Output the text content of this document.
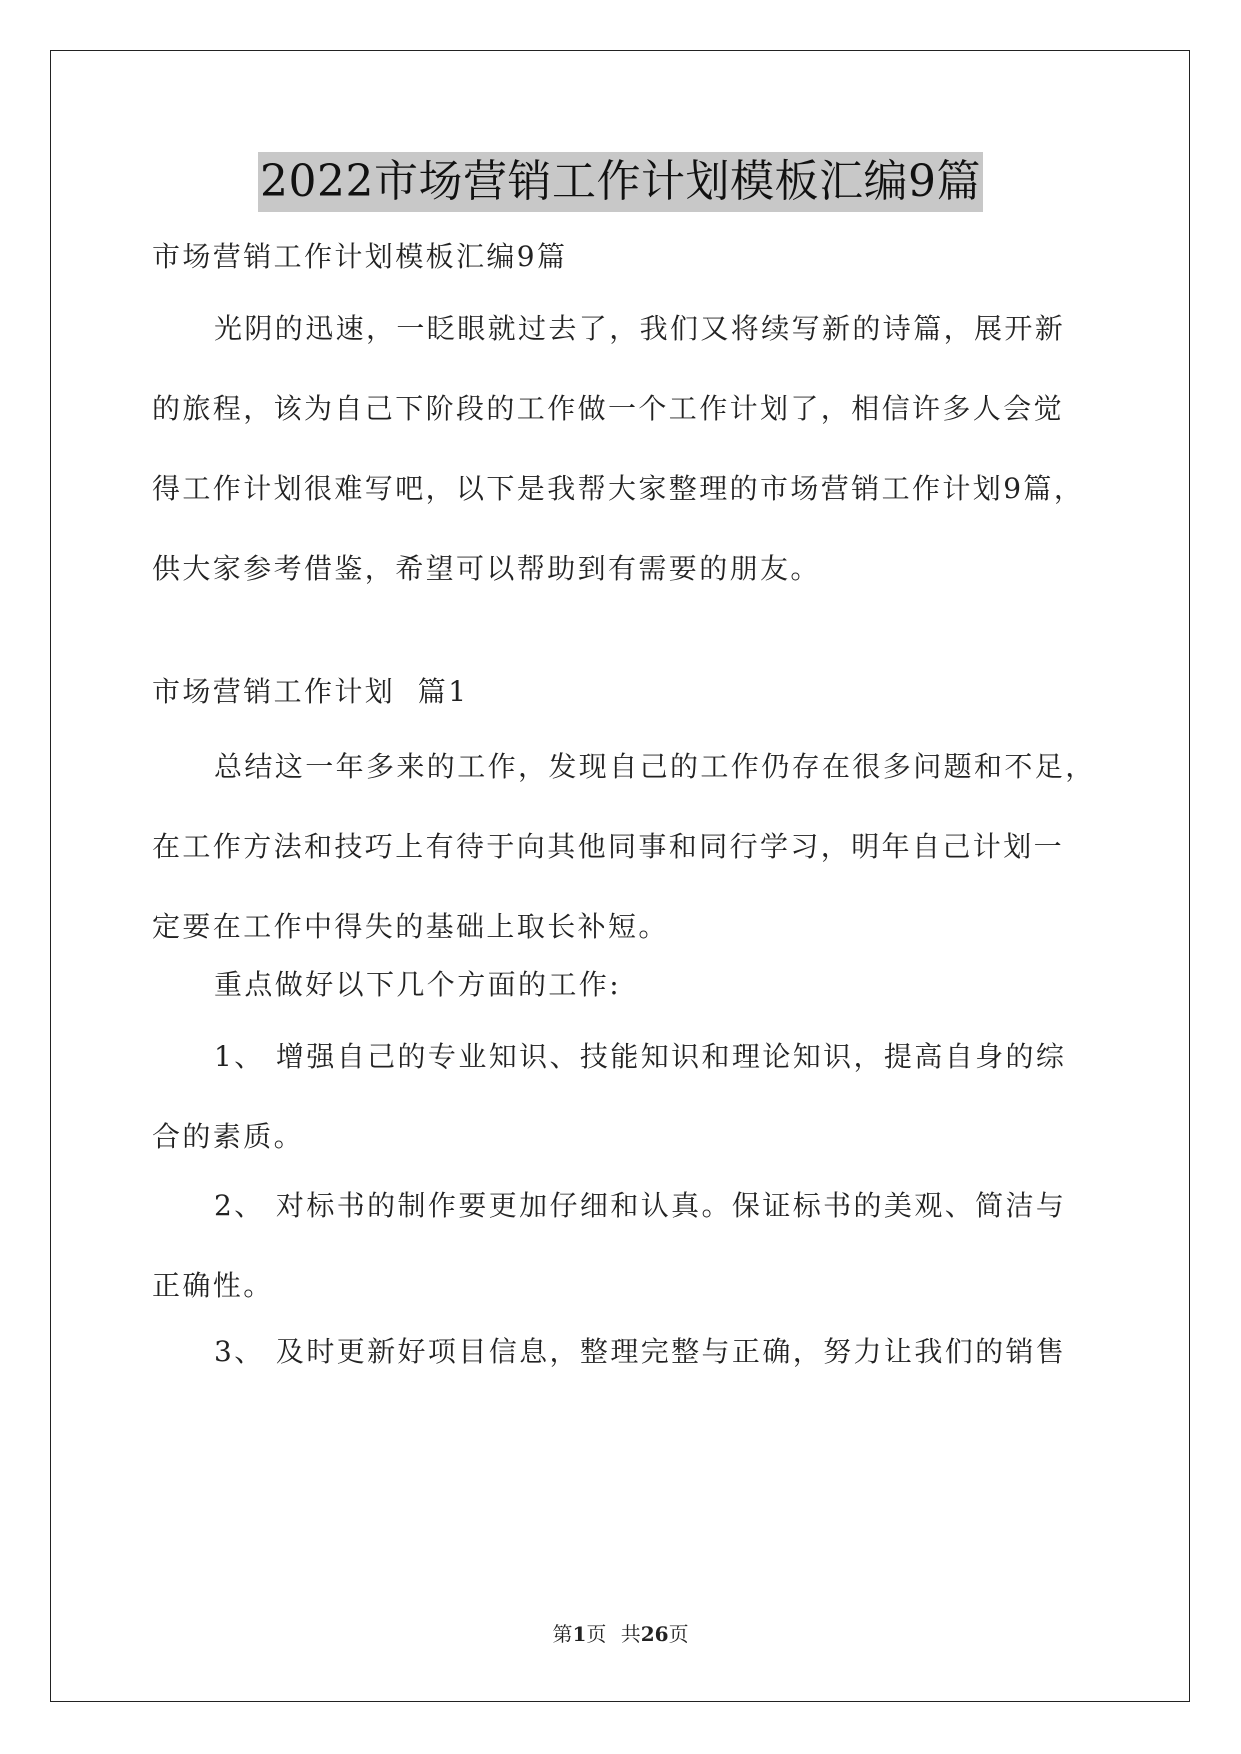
2022市场营销工作计划模板汇编9篇

市场营销工作计划模板汇编9篇

光阴的迅速，一眨眼就过去了，我们又将续写新的诗篇，展开新
的旅程，该为自己下阶段的工作做一个工作计划了，相信许多人会觉
得工作计划很难写吧，以下是我帮大家整理的市场营销工作计划9篇，
供大家参考借鉴，希望可以帮助到有需要的朋友。

市场营销工作计划  篇1

总结这一年多来的工作，发现自己的工作仍存在很多问题和不足，
在工作方法和技巧上有待于向其他同事和同行学习，明年自己计划一
定要在工作中得失的基础上取长补短。

重点做好以下几个方面的工作:

1、 增强自己的专业知识、技能知识和理论知识，提高自身的综
合的素质。

2、 对标书的制作要更加仔细和认真。保证标书的美观、简洁与
正确性。

3、 及时更新好项目信息，整理完整与正确，努力让我们的销售

第1页 共26页
